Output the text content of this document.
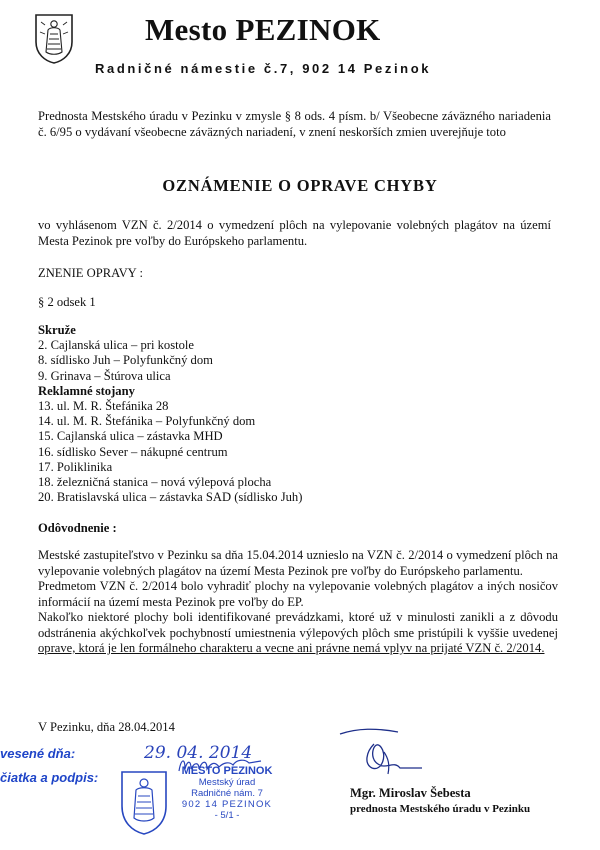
Mesto PEZINOK
Radničné námestie č.7, 902 14 Pezinok
Prednosta Mestského úradu v Pezinku v zmysle § 8 ods. 4 písm. b/ Všeobecne záväzného nariadenia č. 6/95 o vydávaní všeobecne záväzných nariadení, v znení neskorších zmien uverejňuje toto
OZNÁMENIE O OPRAVE CHYBY
vo vyhlásenom VZN č. 2/2014 o vymedzení plôch na vylepovanie volebných plagátov na území Mesta Pezinok pre voľby do Európskeho parlamentu.
ZNENIE OPRAVY :
§ 2 odsek 1
Skruže
2. Cajlanská ulica – pri kostole
8. sídlisko Juh – Polyfunkčný dom
9. Grinava – Štúrova ulica
Reklamné stojany
13. ul. M. R. Štefánika 28
14. ul. M. R. Štefánika – Polyfunkčný dom
15. Cajlanská ulica – zástavka MHD
16. sídlisko Sever – nákupné centrum
17. Poliklinika
18. železničná stanica – nová výlepová plocha
20. Bratislavská ulica – zástavka SAD (sídlisko Juh)
Odôvodnenie :

Mestské zastupiteľstvo v Pezinku sa dňa 15.04.2014 uznieslo na VZN č. 2/2014 o vymedzení plôch na vylepovanie volebných plagátov na území Mesta Pezinok pre voľby do Európskeho parlamentu.

Predmetom VZN č. 2/2014 bolo vyhradiť plochy na vylepovanie volebných plagátov a iných nosičov informácií na území mesta Pezinok pre voľby do EP.

Nakoľko niektoré plochy boli identifikované prevádzkami, ktoré už v minulosti zanikli a z dôvodu odstránenia akýchkoľvek pochybností umiestnenia výlepových plôch sme pristúpili k vyššie uvedenej oprave, ktorá je len formálneho charakteru a vecne ani právne nemá vplyv na prijaté VZN č. 2/2014.

V Pezinku, dňa 28.04.2014
vesené dňa:	29. 04. 2014
čiatka a podpis:	MESTO PEZINOK
Mestský úrad
Radničné nám. 7
902 14 PEZINOK
- 5/1 -
Mgr. Miroslav Šebesta
prednosta Mestského úradu v Pezinku
